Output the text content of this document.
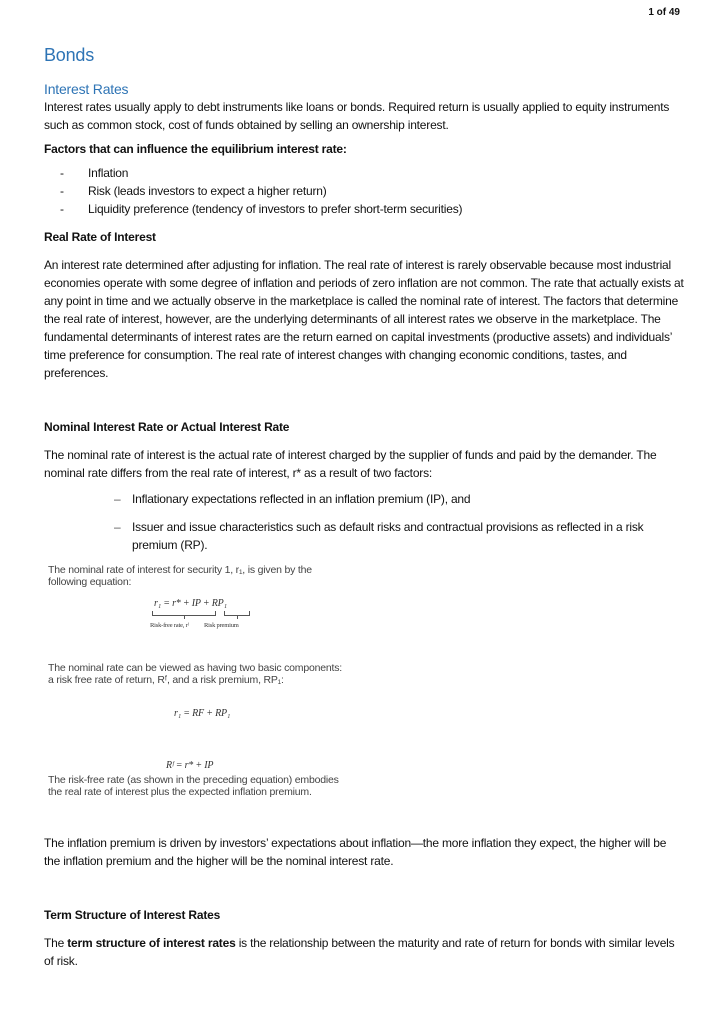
1 of 49
Bonds
Interest Rates

Interest rates usually apply to debt instruments like loans or bonds. Required return is usually applied to equity instruments such as common stock, cost of funds obtained by selling an ownership interest.

Factors that can influence the equilibrium interest rate:

- Inflation
- Risk (leads investors to expect a higher return)
- Liquidity preference (tendency of investors to prefer short-term securities)

Real Rate of Interest

An interest rate determined after adjusting for inflation. The real rate of interest is rarely observable because most industrial economies operate with some degree of inflation and periods of zero inflation are not common. The rate that actually exists at any point in time and we actually observe in the marketplace is called the nominal rate of interest. The factors that determine the real rate of interest, however, are the underlying determinants of all interest rates we observe in the marketplace. The fundamental determinants of interest rates are the return earned on capital investments (productive assets) and individuals’ time preference for consumption. The real rate of interest changes with changing economic conditions, tastes, and preferences.

Nominal Interest Rate or Actual Interest Rate

The nominal rate of interest is the actual rate of interest charged by the supplier of funds and paid by the demander. The nominal rate differs from the real rate of interest, r* as a result of two factors:

– Inflationary expectations reflected in an inflation premium (IP), and
– Issuer and issue characteristics such as default risks and contractual provisions as reflected in a risk premium (RP).
The nominal rate of interest for security 1, r₁, is given by the following equation:
r₁ = r* + IP + RP₁
Risk-free rate, rᶠ	Risk premium
The nominal rate can be viewed as having two basic components: a risk free rate of return, Rᶠ, and a risk premium, RP₁:
r₁ = RF + RP₁
Rᶠ = r* + IP
The risk-free rate (as shown in the preceding equation) embodies the real rate of interest plus the expected inflation premium.

The inflation premium is driven by investors’ expectations about inflation—the more inflation they expect, the higher will be the inflation premium and the higher will be the nominal interest rate.

Term Structure of Interest Rates

The term structure of interest rates is the relationship between the maturity and rate of return for bonds with similar levels of risk.
